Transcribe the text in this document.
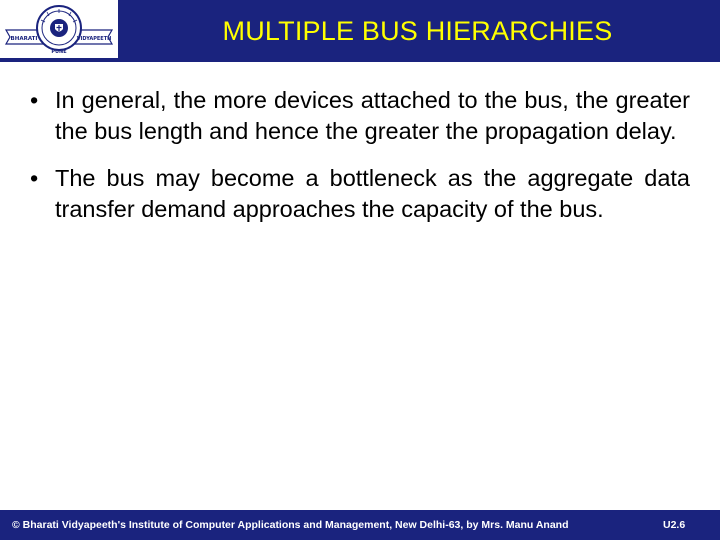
BHARATI	VIDYAPEETH
PUNE
MULTIPLE BUS HIERARCHIES
• In general, the more devices attached to the bus, the greater the bus length and hence the greater the propagation delay.
• The bus may become a bottleneck as the aggregate data transfer demand approaches the capacity of the bus.
© Bharati Vidyapeeth's Institute of Computer Applications and Management, New Delhi-63, by Mrs. Manu Anand	U2.6
